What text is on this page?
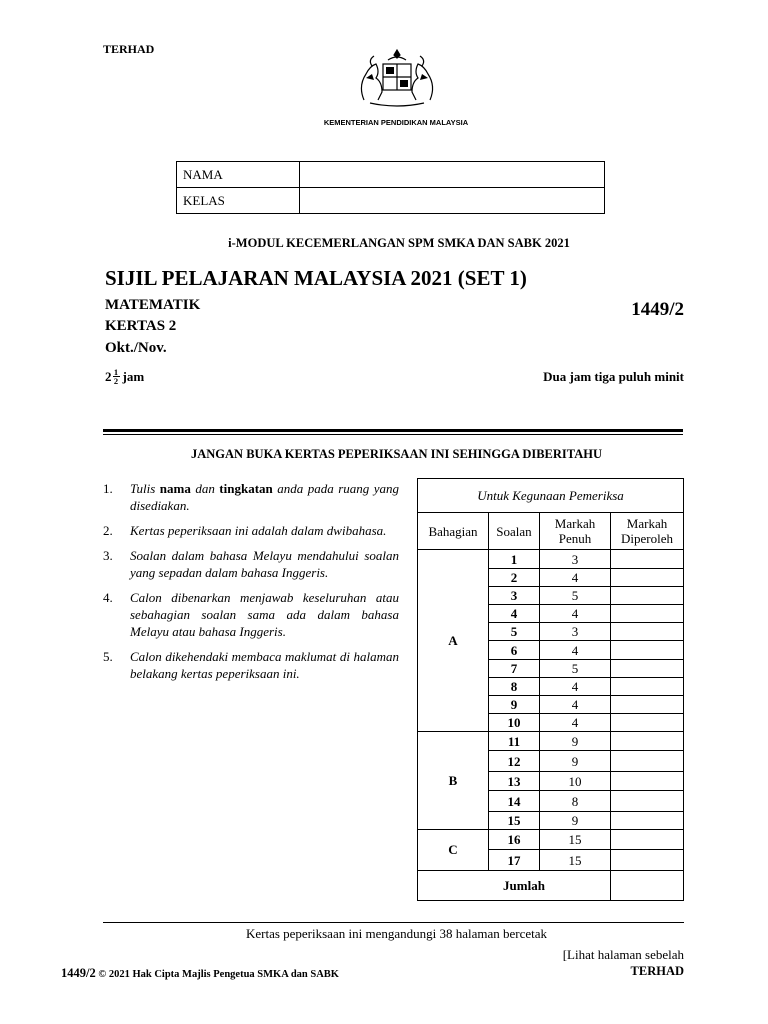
TERHAD
KEMENTERIAN PENDIDIKAN MALAYSIA
NAMA	
KELAS	
i-MODUL KECEMERLANGAN SPM SMKA DAN SABK 2021
SIJIL PELAJARAN MALAYSIA 2021 (SET 1)
MATEMATIK	1449/2
KERTAS 2
Okt./Nov.
$2 \frac{1}{2}$ jam	Dua jam tiga puluh minit
JANGAN BUKA KERTAS PEPERIKSAAN INI SEHINGGA DIBERITAHU
1.	Tulis nama dan tingkatan anda pada ruang yang disediakan.
2.	Kertas peperiksaan ini adalah dalam dwibahasa.
3.	Soalan dalam bahasa Melayu mendahului soalan yang sepadan dalam bahasa Inggeris.
4.	Calon dibenarkan menjawab keseluruhan atau sebahagian soalan sama ada dalam bahasa Melayu atau bahasa Inggeris.
5.	Calon dikehendaki membaca maklumat di halaman belakang kertas peperiksaan ini.
Untuk Kegunaan Pemeriksa			
Bahagian	Soalan	Markah Penuh	Markah Diperoleh
A	1	3	
	2	4	
	3	5	
	4	4	
	5	3	
	6	4	
	7	5	
	8	4	
	9	4	
	10	4	
B	11	9	
	12	9	
	13	10	
	14	8	
	15	9	
C	16	15	
	17	15	
Jumlah			
Kertas peperiksaan ini mengandungi 38 halaman bercetak
[Lihat halaman sebelah
1449/2 © 2021 Hak Cipta Majlis Pengetua SMKA dan SABK	TERHAD
